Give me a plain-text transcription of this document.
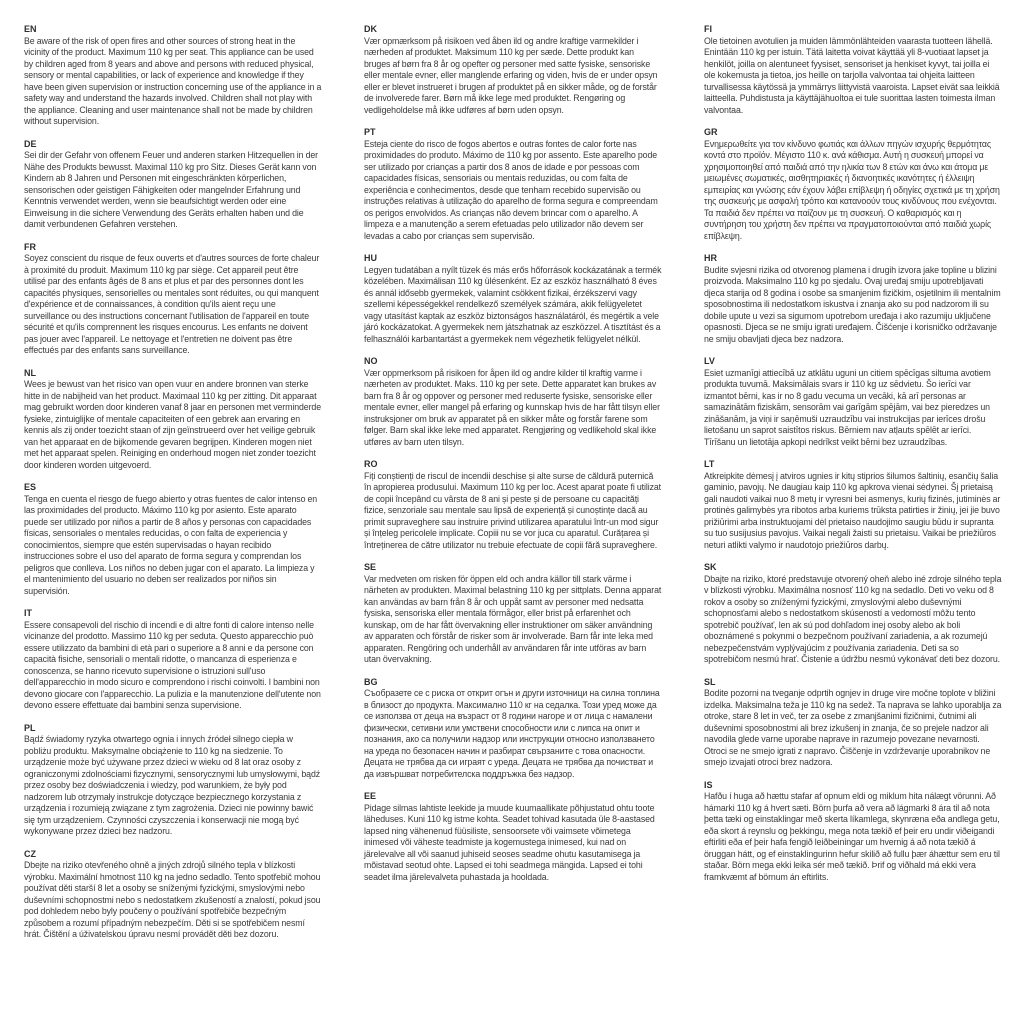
EN

Be aware of the risk of open fires and other sources of strong heat in the vicinity of the product. Maximum 110 kg per seat. This appliance can be used by children aged from 8 years and above and persons with reduced physical, sensory or mental capabilities, or lack of experience and knowledge if they have been given supervision or instruction concerning use of the appliance in a safety way and understand the hazards involved. Children shall not play with the appliance. Cleaning and user maintenance shall not be made by children without supervision.

DE

Sei dir der Gefahr von offenem Feuer und anderen starken Hitzequellen in der Nähe des Produkts bewusst. Maximal 110 kg pro Sitz. Dieses Gerät kann von Kindern ab 8 Jahren und Personen mit eingeschränkten körperlichen, sensorischen oder geistigen Fähigkeiten oder mangelnder Erfahrung und Kenntnis verwendet werden, wenn sie beaufsichtigt werden oder eine Einweisung in die sichere Verwendung des Geräts erhalten haben und die damit verbundenen Gefahren verstehen.

FR

Soyez conscient du risque de feux ouverts et d'autres sources de forte chaleur à proximité du produit. Maximum 110 kg par siège. Cet appareil peut être utilisé par des enfants âgés de 8 ans et plus et par des personnes dont les capacités physiques, sensorielles ou mentales sont réduites, ou qui manquent d'expérience et de connaissances, à condition qu'ils aient reçu une surveillance ou des instructions concernant l'utilisation de l'appareil en toute sécurité et qu'ils comprennent les risques encourus. Les enfants ne doivent pas jouer avec l'appareil. Le nettoyage et l'entretien ne doivent pas être effectués par des enfants sans surveillance.

NL

Wees je bewust van het risico van open vuur en andere bronnen van sterke hitte in de nabijheid van het product. Maximaal 110 kg per zitting. Dit apparaat mag gebruikt worden door kinderen vanaf 8 jaar en personen met verminderde fysieke, zintuiglijke of mentale capaciteiten of een gebrek aan ervaring en kennis als zij onder toezicht staan of zijn geïnstrueerd over het veilige gebruik van het apparaat en de bijkomende gevaren begrijpen. Kinderen mogen niet met het apparaat spelen. Reiniging en onderhoud mogen niet zonder toezicht door kinderen worden uitgevoerd.

ES

Tenga en cuenta el riesgo de fuego abierto y otras fuentes de calor intenso en las proximidades del producto. Máximo 110 kg por asiento. Este aparato puede ser utilizado por niños a partir de 8 años y personas con capacidades físicas, sensoriales o mentales reducidas, o con falta de experiencia y conocimientos, siempre que estén supervisadas o hayan recibido instrucciones sobre el uso del aparato de forma segura y comprendan los peligros que conlleva. Los niños no deben jugar con el aparato. La limpieza y el mantenimiento del usuario no deben ser realizados por niños sin supervisión.

IT

Essere consapevoli del rischio di incendi e di altre fonti di calore intenso nelle vicinanze del prodotto. Massimo 110 kg per seduta. Questo apparecchio può essere utilizzato da bambini di età pari o superiore a 8 anni e da persone con capacità fisiche, sensoriali o mentali ridotte, o mancanza di esperienza e conoscenza, se hanno ricevuto supervisione o istruzioni sull'uso dell'apparecchio in modo sicuro e comprendono i rischi coinvolti. I bambini non devono giocare con l'apparecchio. La pulizia e la manutenzione dell'utente non devono essere effettuate dai bambini senza supervisione.

PL

Bądź świadomy ryzyka otwartego ognia i innych źródeł silnego ciepła w pobliżu produktu. Maksymalne obciążenie to 110 kg na siedzenie. To urządzenie może być używane przez dzieci w wieku od 8 lat oraz osoby z ograniczonymi zdolnościami fizycznymi, sensorycznymi lub umysłowymi, bądź przez osoby bez doświadczenia i wiedzy, pod warunkiem, że były pod nadzorem lub otrzymały instrukcje dotyczące bezpiecznego korzystania z urządzenia i rozumieją związane z tym zagrożenia. Dzieci nie powinny bawić się tym urządzeniem. Czynności czyszczenia i konserwacji nie mogą być wykonywane przez dzieci bez nadzoru.

CZ

Dbejte na riziko otevřeného ohně a jiných zdrojů silného tepla v blízkosti výrobku. Maximální hmotnost 110 kg na jedno sedadlo. Tento spotřebič mohou používat děti starší 8 let a osoby se sníženými fyzickými, smyslovými nebo duševními schopnostmi nebo s nedostatkem zkušeností a znalostí, pokud jsou pod dohledem nebo byly poučeny o používání spotřebiče bezpečným způsobem a rozumí případným nebezpečím. Děti si se spotřebičem nesmí hrát. Čištění a úživatelskou úpravu nesmí provádět děti bez dozoru.

DK

Vær opmærksom på risikoen ved åben ild og andre kraftige varmekilder i nærheden af produktet. Maksimum 110 kg per sæde. Dette produkt kan bruges af børn fra 8 år og opefter og personer med satte fysiske, sensoriske eller mentale evner, eller manglende erfaring og viden, hvis de er under opsyn eller er blevet instrueret i brugen af produktet på en sikker måde, og de forstår de involverede farer. Børn må ikke lege med produktet. Rengøring og vedligeholdelse må ikke udføres af børn uden opsyn.

PT

Esteja ciente do risco de fogos abertos e outras fontes de calor forte nas proximidades do produto. Máximo de 110 kg por assento. Este aparelho pode ser utilizado por crianças a partir dos 8 anos de idade e por pessoas com capacidades físicas, sensoriais ou mentais reduzidas, ou com falta de experiência e conhecimentos, desde que tenham recebido supervisão ou instruções relativas à utilização do aparelho de forma segura e compreendam os perigos envolvidos. As crianças não devem brincar com o aparelho. A limpeza e a manutenção a serem efetuadas pelo utilizador não devem ser levadas a cabo por crianças sem supervisão.

HU

Legyen tudatában a nyílt tüzek és más erős hőforrások kockázatának a termék közelében. Maximálisan 110 kg ülésenként. Ez az eszköz használható 8 éves és annál idősebb gyermekek, valamint csökkent fizikai, érzékszervi vagy szellemi képességekkel rendelkező személyek számára, akik felügyeletet vagy utasítást kaptak az eszköz biztonságos használatáról, és megértik a vele járó kockázatokat. A gyermekek nem játszhatnak az eszközzel. A tisztítást és a felhasználói karbantartást a gyermekek nem végezhetik felügyelet nélkül.

NO

Vær oppmerksom på risikoen for åpen ild og andre kilder til kraftig varme i nærheten av produktet. Maks. 110 kg per sete. Dette apparatet kan brukes av barn fra 8 år og oppover og personer med reduserte fysiske, sensoriske eller mentale evner, eller mangel på erfaring og kunnskap hvis de har fått tilsyn eller instruksjoner om bruk av apparatet på en sikker måte og forstår farene som følger. Barn skal ikke leke med apparatet. Rengjøring og vedlikehold skal ikke utføres av barn uten tilsyn.

RO

Fiți conștienți de riscul de incendii deschise și alte surse de căldură puternică în apropierea produsului. Maximum 110 kg per loc. Acest aparat poate fi utilizat de copii începând cu vârsta de 8 ani și peste și de persoane cu capacități fizice, senzoriale sau mentale sau lipsă de experiență și cunoștințe dacă au primit supraveghere sau instruire privind utilizarea aparatului într-un mod sigur și înțeleg pericolele implicate. Copiii nu se vor juca cu aparatul. Curățarea și întreținerea de către utilizator nu trebuie efectuate de copii fără supraveghere.

SE

Var medveten om risken för öppen eld och andra källor till stark värme i närheten av produkten. Maximal belastning 110 kg per sittplats. Denna apparat kan användas av barn från 8 år och uppåt samt av personer med nedsatta fysiska, sensoriska eller mentala förmågor, eller brist på erfarenhet och kunskap, om de har fått övervakning eller instruktioner om säker användning av apparaten och förstår de risker som är involverade. Barn får inte leka med apparaten. Rengöring och underhåll av användaren får inte utföras av barn utan övervakning.

BG

Съобразете се с риска от открит огън и други източници на силна топлина в близост до продукта. Максимално 110 кг на седалка. Този уред може да се използва от деца на възраст от 8 години нагоре и от лица с намалени физически, сетивни или умствени способности или с липса на опит и познания, ако са получили надзор или инструкции относно използването на уреда по безопасен начин и разбират свързаните с това опасности. Децата не трябва да си играят с уреда. Децата не трябва да почистват и да извършват потребителска поддръжка без надзор.

EE

Pidage silmas lahtiste leekide ja muude kuumaallikate põhjustatud ohtu toote läheduses. Kuni 110 kg istme kohta. Seadet tohivad kasutada üle 8-aastased lapsed ning vähenenud füüsiliste, sensoorsete või vaimsete võimetega inimesed või väheste teadmiste ja kogemustega inimesed, kui nad on järelevalve all või saanud juhiseid seoses seadme ohutu kasutamisega ja mõistavad seotud ohte. Lapsed ei tohi seadmega mängida. Lapsed ei tohi seadet ilma järelevalveta puhastada ja hooldada.

FI

Ole tietoinen avotulien ja muiden lämmönlähteiden vaarasta tuotteen lähellä. Enintään 110 kg per istuin. Tätä laitetta voivat käyttää yli 8-vuotiaat lapset ja henkilöt, joilla on alentuneet fyysiset, sensoriset ja henkiset kyvyt, tai joilla ei ole kokemusta ja tietoa, jos heille on tarjolla valvontaa tai ohjeita laitteen turvallisessa käytössä ja ymmärrys liittyvistä vaaroista. Lapset eivät saa leikkiä laitteella. Puhdistusta ja käyttäjähuoltoa ei tule suorittaa lasten toimesta ilman valvontaa.

GR

Ενημερωθείτε για τον κίνδυνο φωτιάς και άλλων πηγών ισχυρής θερμότητας κοντά στο προϊόν. Μέγιστο 110 κ. ανά κάθισμα. Αυτή η συσκευή μπορεί να χρησιμοποιηθεί από παιδιά από την ηλικία των 8 ετών και άνω και άτομα με μειωμένες σωματικές, αισθητηριακές ή διανοητικές ικανότητες ή έλλειψη εμπειρίας και γνώσης εάν έχουν λάβει επίβλεψη ή οδηγίες σχετικά με τη χρήση της συσκευής με ασφαλή τρόπο και κατανοούν τους κινδύνους που ενέχονται. Τα παιδιά δεν πρέπει να παίζουν με τη συσκευή. Ο καθαρισμός και η συντήρηση του χρήστη δεν πρέπει να πραγματοποιούνται από παιδιά χωρίς επίβλεψη.

HR

Budite svjesni rizika od otvorenog plamena i drugih izvora jake topline u blizini proizvoda. Maksimalno 110 kg po sjedalu. Ovaj uređaj smiju upotrebljavati djeca starija od 8 godina i osobe sa smanjenim fizičkim, osjetilnim ili mentalnim sposobnostima ili nedostatkom iskustva i znanja ako su pod nadzorom ili su dobile upute u vezi sa sigurnom upotrebom uređaja i ako razumiju uključene opasnosti. Djeca se ne smiju igrati uređajem. Čišćenje i korisničko održavanje ne smiju obavljati djeca bez nadzora.

LV

Esiet uzmanīgi attiecībā uz atklātu uguni un citiem spēcīgas siltuma avotiem produkta tuvumā. Maksimālais svars ir 110 kg uz sēdvietu. Šo ierīci var izmantot bērni, kas ir no 8 gadu vecuma un vecāki, kā arī personas ar samazinātām fiziskām, sensorām vai garīgām spējām, vai bez pieredzes un zināšanām, ja viņi ir saņēmuši uzraudzību vai instrukcijas par ierīces drošu lietošanu un saprot saistītos riskus. Bērniem nav atļauts spēlēt ar ierīci. Tīrīšanu un lietotāja apkopi nedrīkst veikt bērni bez uzraudzības.

LT

Atkreipkite dėmesį į atviros ugnies ir kitų stiprios šilumos šaltinių, esančių šalia gaminio, pavojų. Ne daugiau kaip 110 kg apkrova vienai sėdynei. Šį prietaisą gali naudoti vaikai nuo 8 metų ir vyresni bei asmenys, kurių fizinės, jutiminės ar protinės galimybės yra ribotos arba kuriems trūksta patirties ir žinių, jei jie buvo prižiūrimi arba instruktuojami dėl prietaiso naudojimo saugiu būdu ir supranta su tuo susijusius pavojus. Vaikai negali žaisti su prietaisu. Vaikai be priežiūros neturi atlikti valymo ir naudotojo priežiūros darbų.

SK

Dbajte na riziko, ktoré predstavuje otvorený oheň alebo iné zdroje silného tepla v blízkosti výrobku. Maximálna nosnosť 110 kg na sedadlo. Deti vo veku od 8 rokov a osoby so zníženými fyzickými, zmyslovými alebo duševnými schopnosťami alebo s nedostatkom skúseností a vedomostí môžu tento spotrebič používať, len ak sú pod dohľadom inej osoby alebo ak boli oboznámené s pokynmi o bezpečnom používaní zariadenia, a ak rozumejú nebezpečenstvám vyplývajúcim z používania zariadenia. Deti sa so spotrebičom nesmú hrať. Čistenie a údržbu nesmú vykonávať deti bez dozoru.

SL

Bodite pozorni na tveganje odprtih ognjev in druge vire močne toplote v bližini izdelka. Maksimalna teža je 110 kg na sedež. Ta naprava se lahko uporablja za otroke, stare 8 let in več, ter za osebe z zmanjšanimi fizičnimi, čutnimi ali duševnimi sposobnostmi ali brez izkušenj in znanja, če so prejele nadzor ali navodila glede varne uporabe naprave in razumejo povezane nevarnosti. Otroci se ne smejo igrati z napravo. Čiščenje in vzdrževanje uporabnikov ne smejo izvajati otroci brez nadzora.

IS

Hafðu í huga að hættu stafar af opnum eldi og miklum hita nálægt vörunni. Að hámarki 110 kg á hvert sæti. Börn þurfa að vera að lágmarki 8 ára til að nota þetta tæki og einstaklingar með skerta líkamlega, skynræna eða andlega getu, eða skort á reynslu og þekkingu, mega nota tækið ef þeir eru undir viðeigandi eftirliti eða ef þeir hafa fengið leiðbeiningar um hvernig á að nota tækið á öruggan hátt, og ef einstaklingurinn hefur skilið að fullu þær áhættur sem eru til staðar. Börn mega ekki leika sér með tækið. Þrif og viðhald má ekki vera framkvæmt af börnum án eftirlits.
